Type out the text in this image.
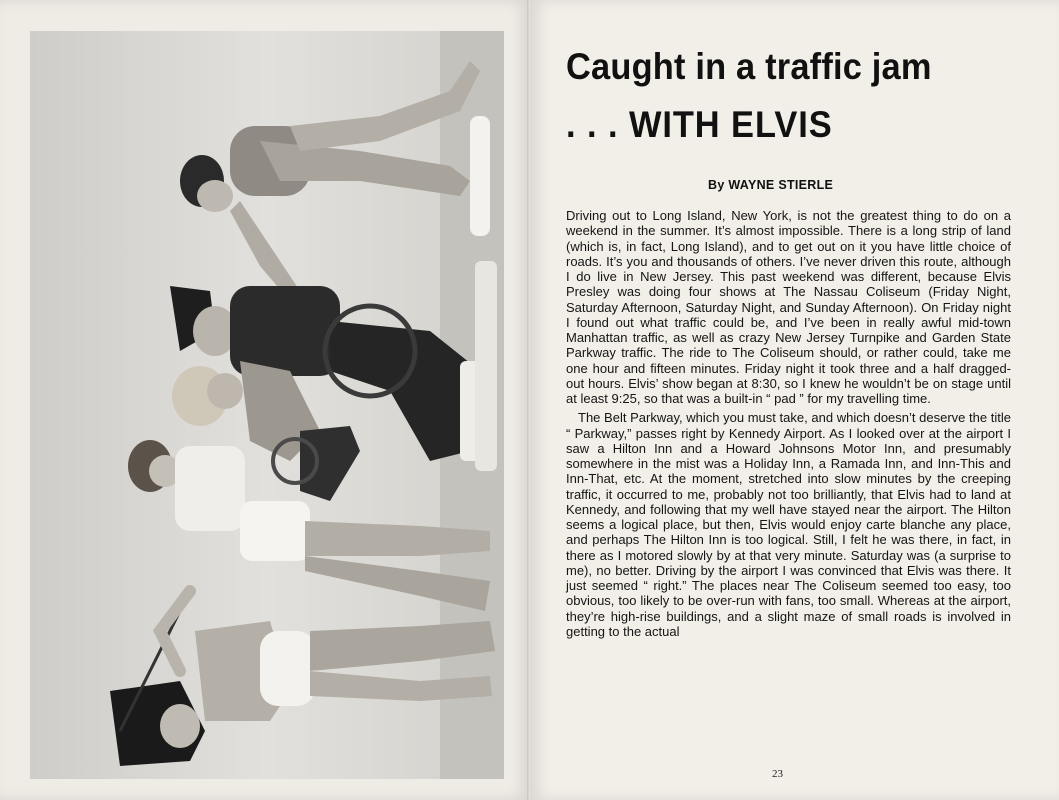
Caught in a traffic jam
. . . WITH ELVIS
By WAYNE STIERLE

Driving out to Long Island, New York, is not the greatest thing to do on a weekend in the summer. It’s almost impossible. There is a long strip of land (which is, in fact, Long Island), and to get out on it you have little choice of roads. It’s you and thousands of others. I’ve never driven this route, although I do live in New Jersey. This past weekend was different, because Elvis Presley was doing four shows at The Nassau Coliseum (Friday Night, Saturday Afternoon, Saturday Night, and Sunday Afternoon). On Friday night I found out what traffic could be, and I’ve been in really awful mid-town Manhattan traffic, as well as crazy New Jersey Turnpike and Garden State Parkway traffic. The ride to The Coliseum should, or rather could, take me one hour and fifteen minutes. Friday night it took three and a half dragged-out hours. Elvis’ show began at 8:30, so I knew he wouldn’t be on stage until at least 9:25, so that was a built-in “ pad ” for my travelling time.

The Belt Parkway, which you must take, and which doesn’t deserve the title “ Parkway,” passes right by Kennedy Airport. As I looked over at the airport I saw a Hilton Inn and a Howard Johnsons Motor Inn, and presumably somewhere in the mist was a Holiday Inn, a Ramada Inn, and Inn-This and Inn-That, etc. At the moment, stretched into slow minutes by the creeping traffic, it occurred to me, probably not too brilliantly, that Elvis had to land at Kennedy, and following that my well have stayed near the airport. The Hilton seems a logical place, but then, Elvis would enjoy carte blanche any place, and perhaps The Hilton Inn is too logical. Still, I felt he was there, in fact, in there as I motored slowly by at that very minute. Saturday was (a surprise to me), no better. Driving by the airport I was convinced that Elvis was there. It just seemed “ right.” The places near The Coliseum seemed too easy, too obvious, too likely to be over-run with fans, too small. Whereas at the airport, they’re high-rise buildings, and a slight maze of small roads is involved in getting to the actual

23
